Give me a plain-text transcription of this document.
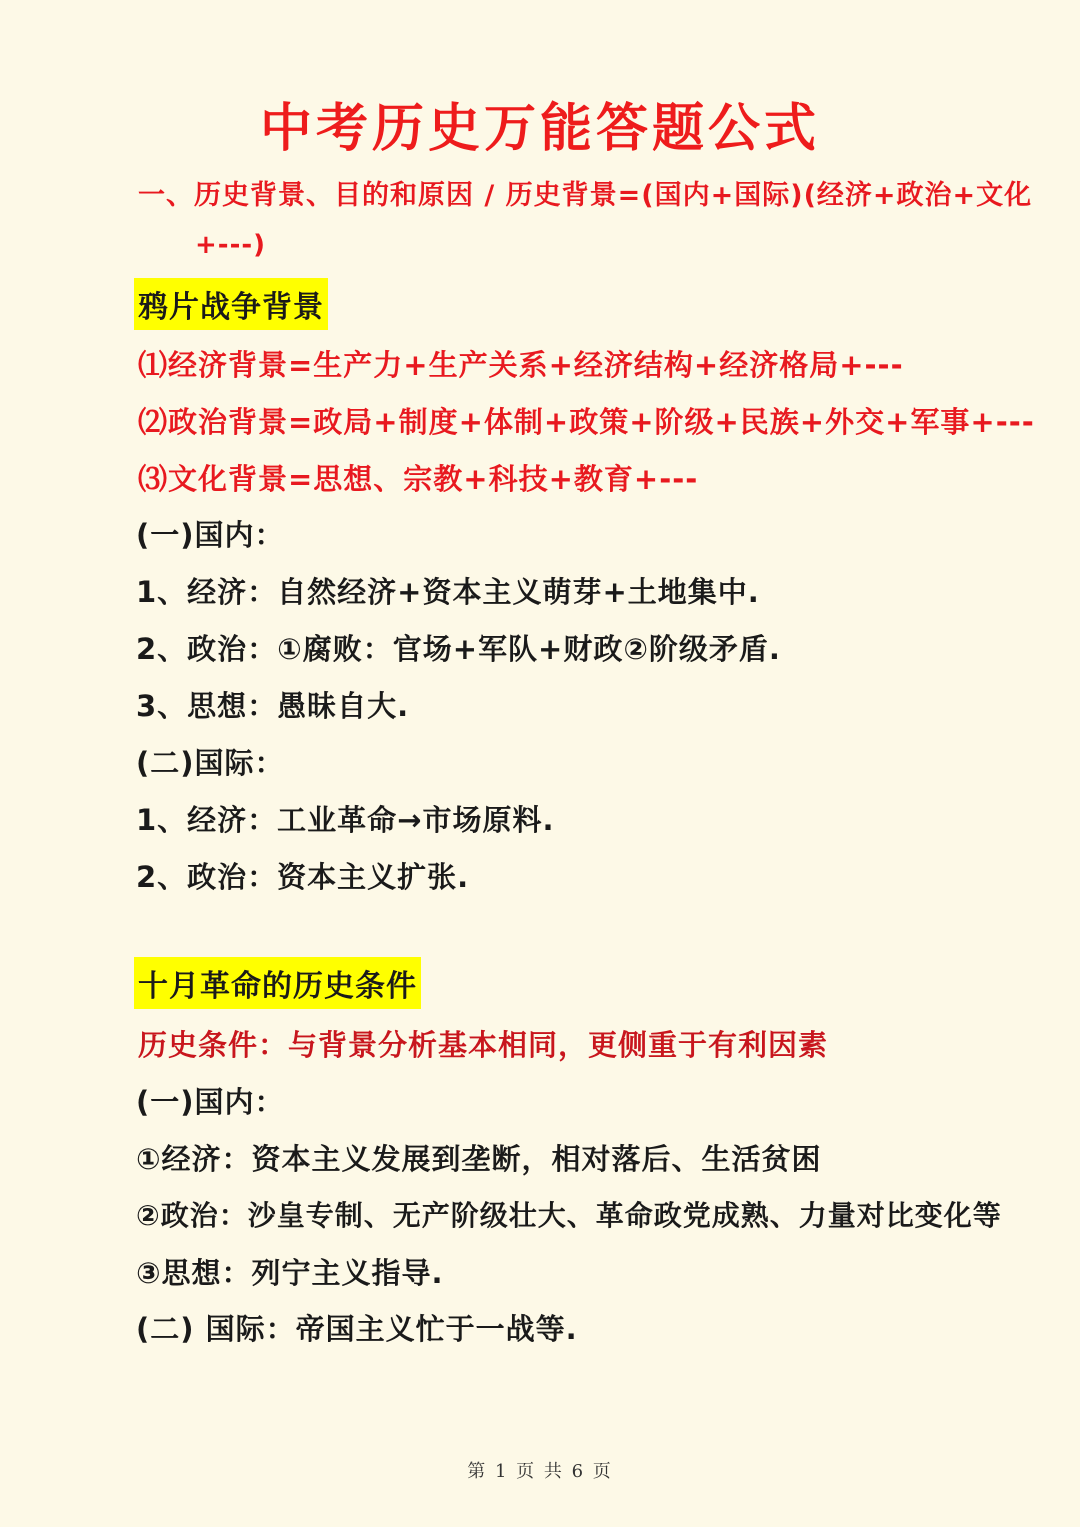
中考历史万能答题公式
一、历史背景、目的和原因 / 历史背景=(国内+国际)(经济+政治+文化
+---)
鸦片战争背景
⑴经济背景=生产力+生产关系+经济结构+经济格局+---
⑵政治背景=政局+制度+体制+政策+阶级+民族+外交+军事+---
⑶文化背景=思想、宗教+科技+教育+---
(一)国内：
1、经济：自然经济+资本主义萌芽+土地集中.
2、政治：①腐败：官场+军队+财政②阶级矛盾.
3、思想：愚昧自大.
(二)国际：
1、经济：工业革命→市场原料.
2、政治：资本主义扩张.
十月革命的历史条件
历史条件：与背景分析基本相同，更侧重于有利因素
(一)国内：
①经济：资本主义发展到垄断，相对落后、生活贫困
②政治：沙皇专制、无产阶级壮大、革命政党成熟、力量对比变化等
③思想：列宁主义指导.
(二) 国际：帝国主义忙于一战等.
第 1 页 共 6 页
